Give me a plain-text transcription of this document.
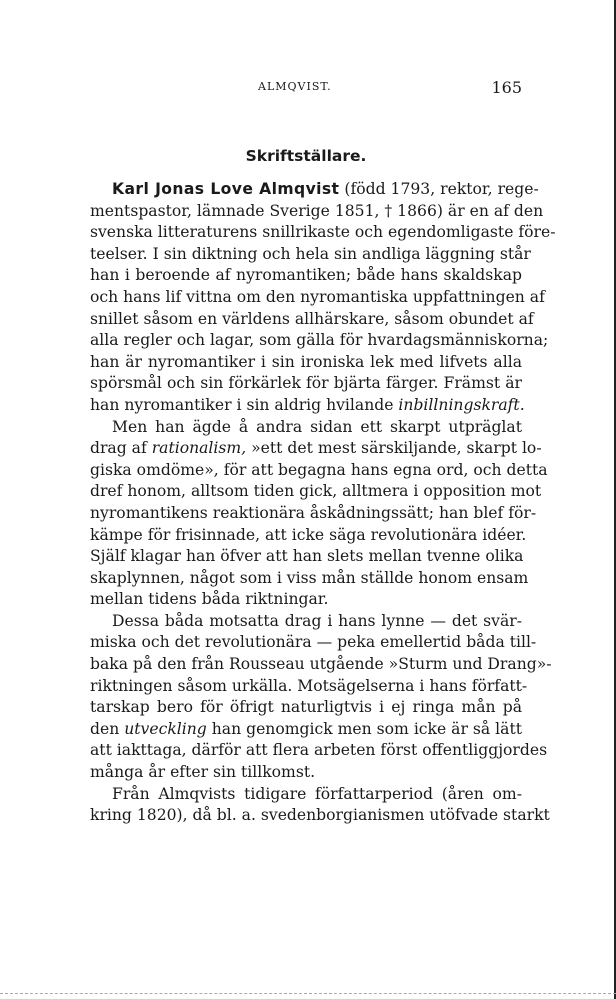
ALMQVIST.	165
Skriftställare.
Karl Jonas Love Almqvist (född 1793, rektor, rege-
mentspastor, lämnade Sverige 1851, † 1866) är en af den
svenska litteraturens snillrikaste och egendomligaste före-
teelser. I sin diktning och hela sin andliga läggning står
han i beroende af nyromantiken; både hans skaldskap
och hans lif vittna om den nyromantiska uppfattningen af
snillet såsom en världens allhärskare, såsom obundet af
alla regler och lagar, som gälla för hvardagsmänniskorna;
han är nyromantiker i sin ironiska lek med lifvets alla
spörsmål och sin förkärlek för bjärta färger. Främst är
han nyromantiker i sin aldrig hvilande inbillningskraft.
Men han ägde å andra sidan ett skarpt utpräglat
drag af rationalism, »ett det mest särskiljande, skarpt lo-
giska omdöme», för att begagna hans egna ord, och detta
dref honom, alltsom tiden gick, alltmera i opposition mot
nyromantikens reaktionära åskådningssätt; han blef för-
kämpe för frisinnade, att icke säga revolutionära idéer.
Själf klagar han öfver att han slets mellan tvenne olika
skaplynnen, något som i viss mån ställde honom ensam
mellan tidens båda riktningar.
Dessa båda motsatta drag i hans lynne — det svär-
miska och det revolutionära — peka emellertid båda till-
baka på den från Rousseau utgående »Sturm und Drang»-
riktningen såsom urkälla. Motsägelserna i hans författ-
tarskap bero för öfrigt naturligtvis i ej ringa mån på
den utveckling han genomgick men som icke är så lätt
att iakttaga, därför att flera arbeten först offentliggjordes
många år efter sin tillkomst.
Från Almqvists tidigare författarperiod (åren om-
kring 1820), då bl. a. svedenborgianismen utöfvade starkt
